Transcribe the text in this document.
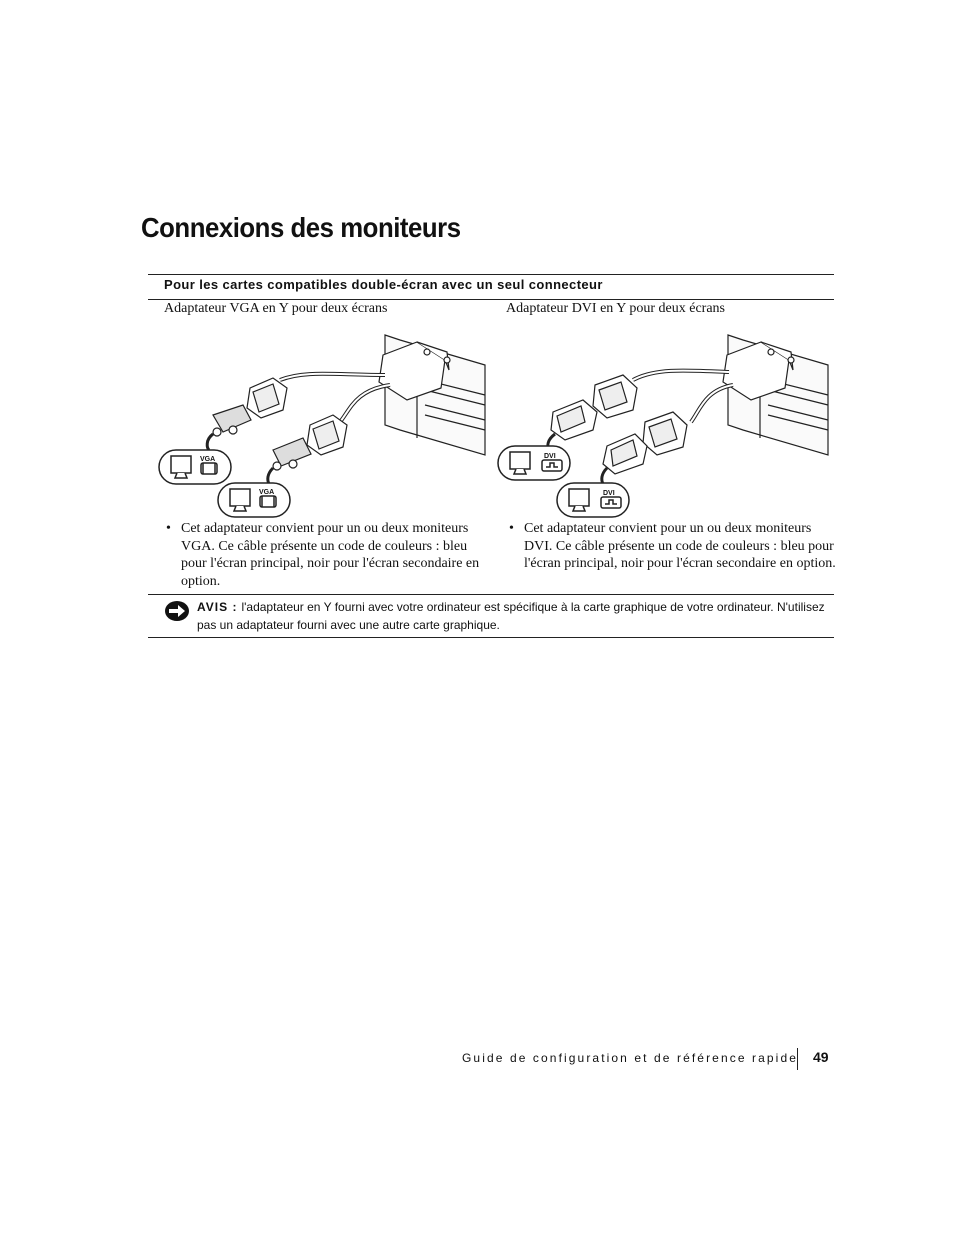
Connexions des moniteurs
Pour les cartes compatibles double-écran avec un seul connecteur
Adaptateur VGA en Y pour deux écrans	Adaptateur DVI en Y pour deux écrans
VGA
VGA
DVI
DVI
• Cet adaptateur convient pour un ou deux moniteurs VGA. Ce câble présente un code de couleurs : bleu pour l'écran principal, noir pour l'écran secondaire en option.
• Cet adaptateur convient pour un ou deux moniteurs DVI. Ce câble présente un code de couleurs : bleu pour l'écran principal, noir pour l'écran secondaire en option.
AVIS : l'adaptateur en Y fourni avec votre ordinateur est spécifique à la carte graphique de votre ordinateur. N'utilisez pas un adaptateur fourni avec une autre carte graphique.
Guide de configuration et de référence rapide 49
